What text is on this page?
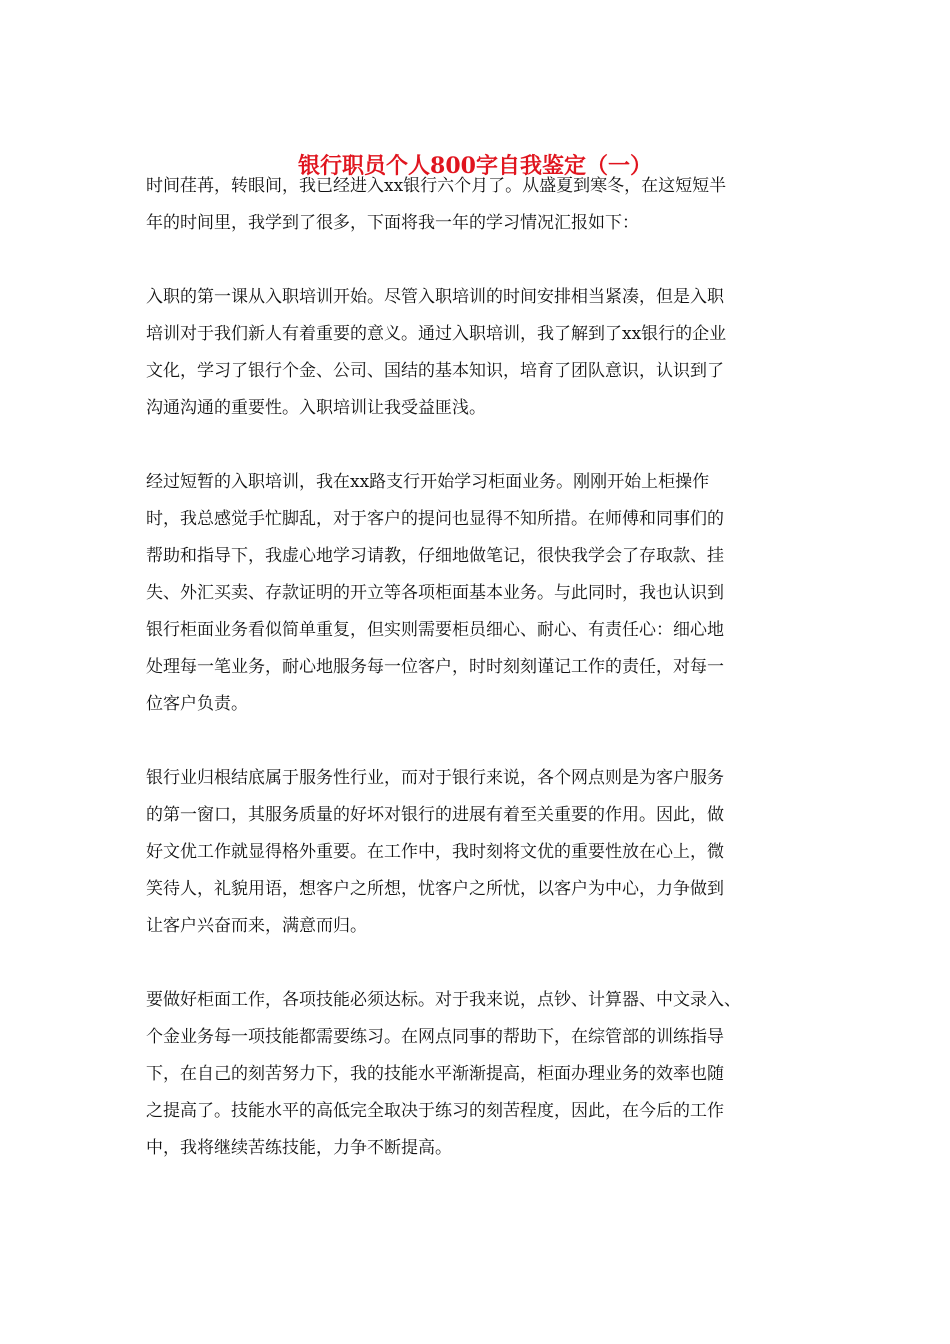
银行职员个人800字自我鉴定（一）
时间荏苒，转眼间，我已经进入xx银行六个月了。从盛夏到寒冬，在这短短半
年的时间里，我学到了很多，下面将我一年的学习情况汇报如下：
入职的第一课从入职培训开始。尽管入职培训的时间安排相当紧凑，但是入职
培训对于我们新人有着重要的意义。通过入职培训，我了解到了xx银行的企业
文化，学习了银行个金、公司、国结的基本知识，培育了团队意识，认识到了
沟通沟通的重要性。入职培训让我受益匪浅。
经过短暂的入职培训，我在xx路支行开始学习柜面业务。刚刚开始上柜操作
时，我总感觉手忙脚乱，对于客户的提问也显得不知所措。在师傅和同事们的
帮助和指导下，我虚心地学习请教，仔细地做笔记，很快我学会了存取款、挂
失、外汇买卖、存款证明的开立等各项柜面基本业务。与此同时，我也认识到
银行柜面业务看似简单重复，但实则需要柜员细心、耐心、有责任心：细心地
处理每一笔业务，耐心地服务每一位客户，时时刻刻谨记工作的责任，对每一
位客户负责。
银行业归根结底属于服务性行业，而对于银行来说，各个网点则是为客户服务
的第一窗口，其服务质量的好坏对银行的进展有着至关重要的作用。因此，做
好文优工作就显得格外重要。在工作中，我时刻将文优的重要性放在心上，微
笑待人，礼貌用语，想客户之所想，忧客户之所忧，以客户为中心，力争做到
让客户兴奋而来，满意而归。
要做好柜面工作，各项技能必须达标。对于我来说，点钞、计算器、中文录入、
个金业务每一项技能都需要练习。在网点同事的帮助下，在综管部的训练指导
下，在自己的刻苦努力下，我的技能水平渐渐提高，柜面办理业务的效率也随
之提高了。技能水平的高低完全取决于练习的刻苦程度，因此，在今后的工作
中，我将继续苦练技能，力争不断提高。
